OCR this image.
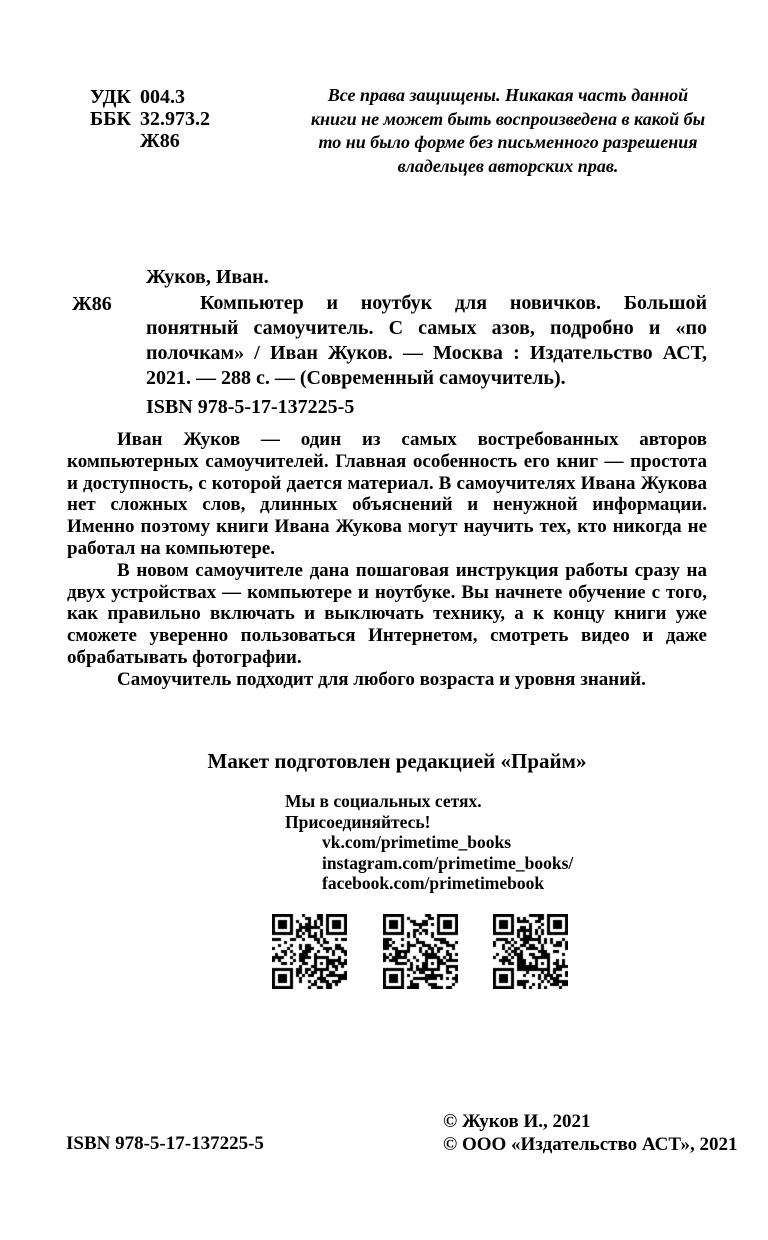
УДК 004.3
ББК 32.973.2
Ж86
Все права защищены. Никакая часть данной книги не может быть воспроизведена в какой бы то ни было форме без письменного разрешения владельцев авторских прав.
Жуков, Иван.
Ж86	Компьютер и ноутбук для новичков. Большой понятный самоучитель. С самых азов, подробно и «по полочкам» / Иван Жуков. — Москва : Издательство АСТ, 2021. — 288 с. — (Современный самоучитель).
ISBN 978-5-17-137225-5

Иван Жуков — один из самых востребованных авторов компьютерных самоучителей. Главная особенность его книг — простота и доступность, с которой дается материал. В самоучителях Ивана Жукова нет сложных слов, длинных объяснений и ненужной информации. Именно поэтому книги Ивана Жукова могут научить тех, кто никогда не работал на компьютере.

В новом самоучителе дана пошаговая инструкция работы сразу на двух устройствах — компьютере и ноутбуке. Вы начнете обучение с того, как правильно включать и выключать технику, а к концу книги уже сможете уверенно пользоваться Интернетом, смотреть видео и даже обрабатывать фотографии.

Самоучитель подходит для любого возраста и уровня знаний.

Макет подготовлен редакцией «Прайм»
Мы в социальных сетях.
Присоединяйтесь!
vk.com/primetime_books
instagram.com/primetime_books/
facebook.com/primetimebook
ISBN 978-5-17-137225-5
© Жуков И., 2021
© ООО «Издательство АСТ», 2021
